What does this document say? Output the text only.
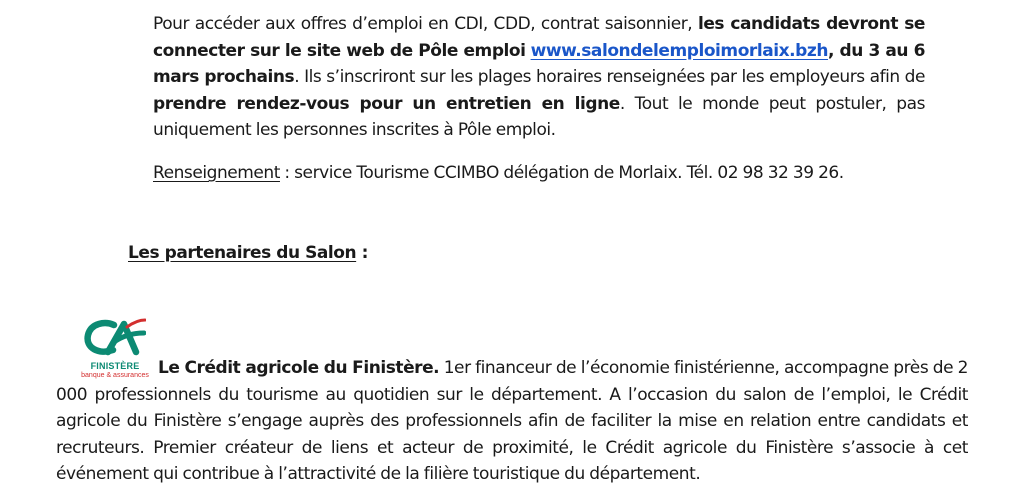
Pour accéder aux offres d’emploi en CDI, CDD, contrat saisonnier, les candidats devront se connecter sur le site web de Pôle emploi www.salondelemploimorlaix.bzh, du 3 au 6 mars prochains. Ils s’inscriront sur les plages horaires renseignées par les employeurs afin de prendre rendez-vous pour un entretien en ligne. Tout le monde peut postuler, pas uniquement les personnes inscrites à Pôle emploi.

Renseignement : service Tourisme CCIMBO délégation de Morlaix. Tél. 02 98 32 39 26.

Les partenaires du Salon :

FINISTÈRE
banque & assurances Le Crédit agricole du Finistère. 1er financeur de l’économie finistérienne, accompagne près de 2 000 professionnels du tourisme au quotidien sur le département. A l’occasion du salon de l’emploi, le Crédit agricole du Finistère s’engage auprès des professionnels afin de faciliter la mise en relation entre candidats et recruteurs. Premier créateur de liens et acteur de proximité, le Crédit agricole du Finistère s’associe à cet événement qui contribue à l’attractivité de la filière touristique du département.
